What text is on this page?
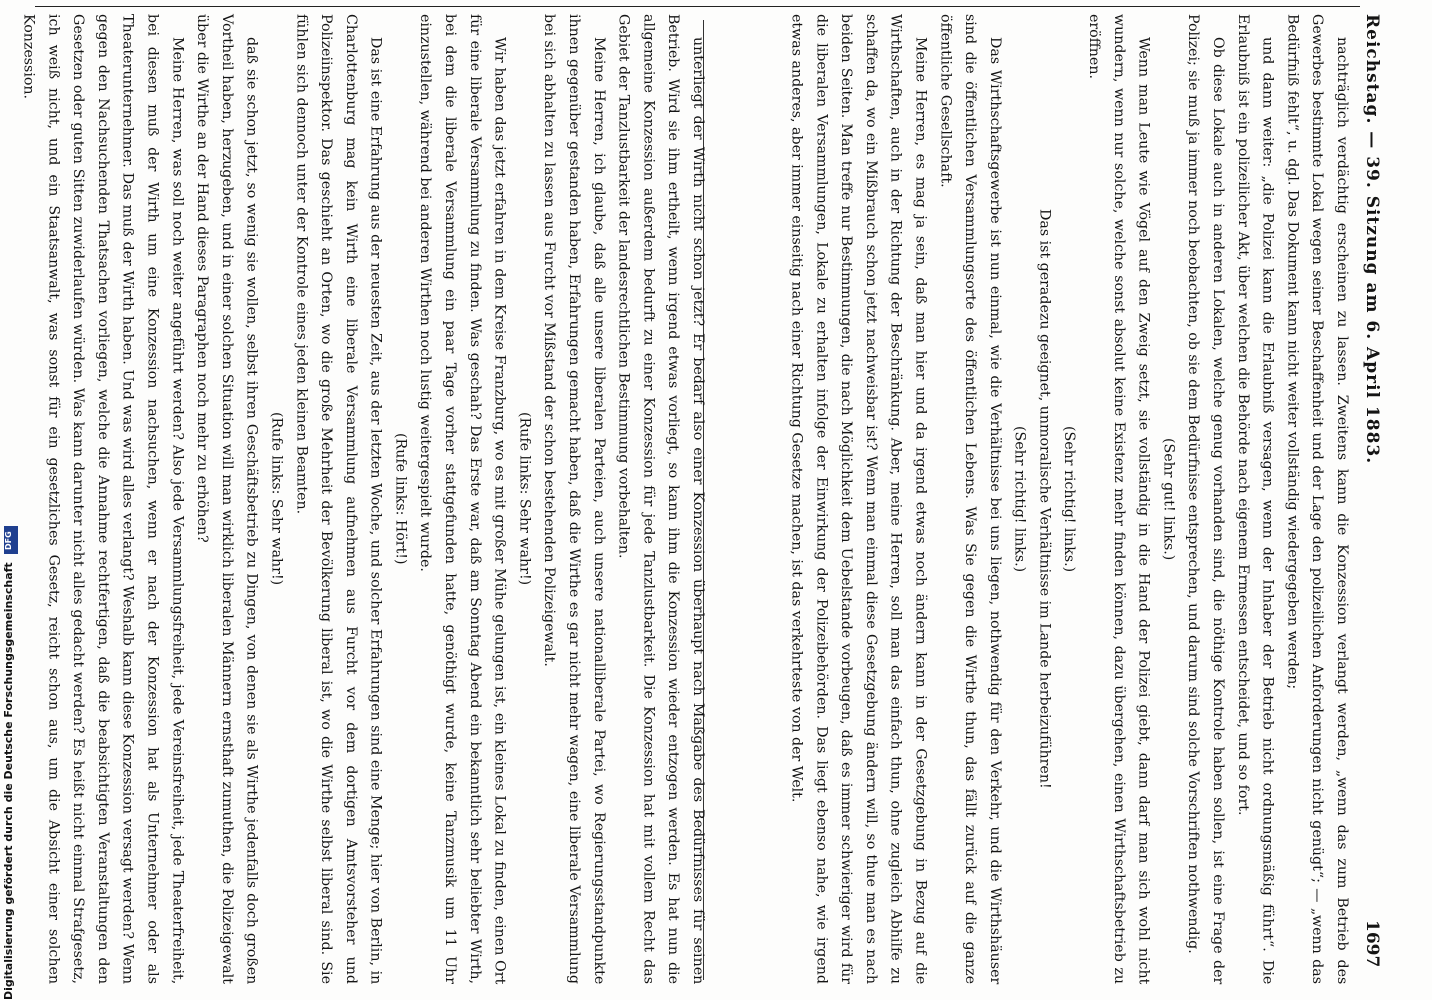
Reichstag. — 39. Sitzung am 6. April 1883.
1697

nachträglich verdächtig erscheinen zu lassen. Zweitens kann die Konzession verlangt werden, „wenn das zum Betrieb des Gewerbes bestimmte Lokal wegen seiner Beschaffenheit und der Lage den polizeilichen Anforderungen nicht genügt“; — „wenn das Bedürfniß fehlt“, u. dgl. Das Dokument kann nicht weiter vollständig wiedergegeben werden;

und dann weiter: „die Polizei kann die Erlaubniß versagen, wenn der Inhaber der Betrieb nicht ordnungsmäßig führt“. Die Erlaubniß ist ein polizeilicher Akt, über welchen die Behörde nach eigenem Ermessen entscheidet, und so fort.

Ob diese Lokale auch in anderen Lokalen, welche genug vorhanden sind, die nöthige Kontrole haben sollen, ist eine Frage der Polizei; sie muß ja immer noch beobachten, ob sie dem Bedürfnisse entsprechen, und darum sind solche Vorschriften nothwendig.

(Sehr gut! links.)

Wenn man Leute wie Vögel auf den Zweig setzt, sie vollständig in die Hand der Polizei giebt, dann darf man sich wohl nicht wundern, wenn nur solche, welche sonst absolut keine Existenz mehr finden können, dazu übergehen, einen Wirthschaftsbetrieb zu eröffnen.

(Sehr richtig! links.)

Das ist geradezu geeignet, unmoralische Verhältnisse im Lande herbeizuführen!

(Sehr richtig! links.)

Das Wirthschaftsgewerbe ist nun einmal, wie die Verhältnisse bei uns liegen, nothwendig für den Verkehr, und die Wirthshäuser sind die öffentlichen Versammlungsorte des öffentlichen Lebens. Was Sie gegen die Wirthe thun, das fällt zurück auf die ganze öffentliche Gesellschaft.

Meine Herren, es mag ja sein, daß man hier und da irgend etwas noch ändern kann in der Gesetzgebung in Bezug auf die Wirthschaften, auch in der Richtung der Beschränkung. Aber, meine Herren, soll man das einfach thun, ohne zugleich Abhilfe zu schaffen da, wo ein Mißbrauch schon jetzt nachweisbar ist? Wenn man einmal diese Gesetzgebung ändern will, so thue man es nach beiden Seiten. Man treffe nur Bestimmungen, die nach Möglichkeit dem Uebelstande vorbeugen, daß es immer schwieriger wird für die liberalen Versammlungen, Lokale zu erhalten infolge der Einwirkung der Polizeibehörden. Das liegt ebenso nahe, wie irgend etwas anderes, aber immer einseitig nach einer Richtung Gesetze machen, ist das verkehrteste von der Welt.

unterliegt der Wirth nicht schon jetzt? Er bedarf also einer Konzession überhaupt nach Maßgabe des Bedürfnisses für seinen Betrieb. Wird sie ihm ertheilt, wenn irgend etwas vorliegt, so kann ihm die Konzession wieder entzogen werden. Es hat nun die allgemeine Konzession außerdem bedurft zu einer Konzession für jede Tanzlustbarkeit. Die Konzession hat mit vollem Recht das Gebiet der Tanzlustbarkeit der landesrechtlichen Bestimmung vorbehalten.

Meine Herren, ich glaube, daß alle unsere liberalen Parteien, auch unsere nationalliberale Partei, wo Regierungsstandpunkte ihnen gegenüber gestanden haben, Erfahrungen gemacht haben, daß die Wirthe es gar nicht mehr wagen, eine liberale Versammlung bei sich abhalten zu lassen aus Furcht vor Mißstand der schon bestehenden Polizeigewalt.

(Rufe links: Sehr wahr!)

Wir haben das jetzt erfahren in dem Kreise Franzburg, wo es mit großer Mühe gelungen ist, ein kleines Lokal zu finden, einen Ort für eine liberale Versammlung zu finden. Was geschah? Das Erste war, daß am Sonntag Abend ein bekanntlich sehr beliebter Wirth, bei dem die liberale Versammlung ein paar Tage vorher stattgefunden hatte, genöthigt wurde, keine Tanzmusik um 11 Uhr einzustellen, während bei anderen Wirthen noch lustig weitergespielt wurde.

(Rufe links: Hört!)

Das ist eine Erfahrung aus der neuesten Zeit, aus der letzten Woche, und solcher Erfahrungen sind eine Menge; hier von Berlin, in Charlottenburg mag kein Wirth eine liberale Versammlung aufnehmen aus Furcht vor dem dortigen Amtsvorsteher und Polizeiinspektor. Das geschieht an Orten, wo die große Mehrheit der Bevölkerung liberal ist, wo die Wirthe selbst liberal sind. Sie fühlen sich dennoch unter der Kontrole eines jeden kleinen Beamten.

(Rufe links: Sehr wahr!)

daß sie schon jetzt, so wenig sie wollen, selbst ihren Geschäftsbetrieb zu Dingen, von denen sie als Wirthe jedenfalls doch großen Vortheil haben, herzugeben, und in einer solchen Situation will man wirklich liberalen Männern ernsthaft zumuthen, die Polizeigewalt über die Wirthe an der Hand dieses Paragraphen noch mehr zu erhöhen?

Meine Herren, was soll noch weiter angeführt werden? Also jede Versammlungsfreiheit, jede Vereinsfreiheit, jede Theaterfreiheit, bei diesen muß der Wirth um eine Konzession nachsuchen, wenn er nach der Konzession hat als Unternehmer oder als Theaterunternehmer. Das muß der Wirth haben. Und was wird alles verlangt? Weshalb kann diese Konzession versagt werden? Wenn gegen den Nachsuchenden Thatsachen vorliegen, welche die Annahme rechtfertigen, daß die beabsichtigten Veranstaltungen den Gesetzen oder guten Sitten zuwiderlaufen würden. Was kann darunter nicht alles gedacht werden? Es heißt nicht einmal Strafgesetz, ich weiß nicht, und ein Staatsanwalt, was sonst für ein gesetzliches Gesetz, reicht schon aus, um die Absicht einer solchen Konzession.

Digitalisierung gefördert durch die Deutsche Forschungsgemeinschaft DFG
